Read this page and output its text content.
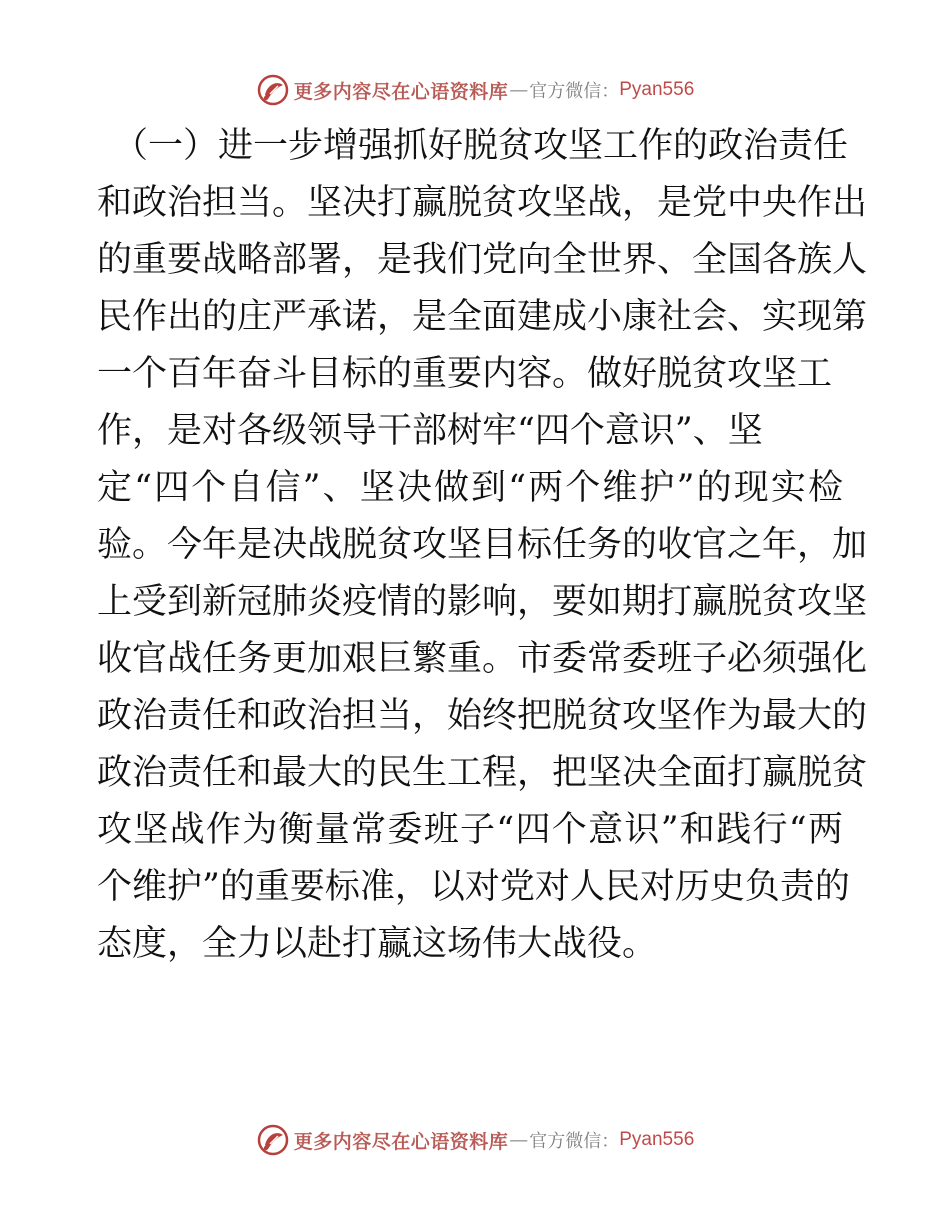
更多内容尽在心语资料库 — 官方微信： Pyan556
（一）进一步增强抓好脱贫攻坚工作的政治责任
和政治担当。坚决打赢脱贫攻坚战，是党中央作出
的重要战略部署，是我们党向全世界、全国各族人
民作出的庄严承诺，是全面建成小康社会、实现第
一个百年奋斗目标的重要内容。做好脱贫攻坚工
作，是对各级领导干部树牢“四个意识”、坚
定“四个自信”、坚决做到“两个维护”的现实检
验。今年是决战脱贫攻坚目标任务的收官之年，加
上受到新冠肺炎疫情的影响，要如期打赢脱贫攻坚
收官战任务更加艰巨繁重。市委常委班子必须强化
政治责任和政治担当，始终把脱贫攻坚作为最大的
政治责任和最大的民生工程，把坚决全面打赢脱贫
攻坚战作为衡量常委班子“四个意识”和践行“两
个维护”的重要标准，以对党对人民对历史负责的
态度，全力以赴打赢这场伟大战役。
更多内容尽在心语资料库 — 官方微信： Pyan556
